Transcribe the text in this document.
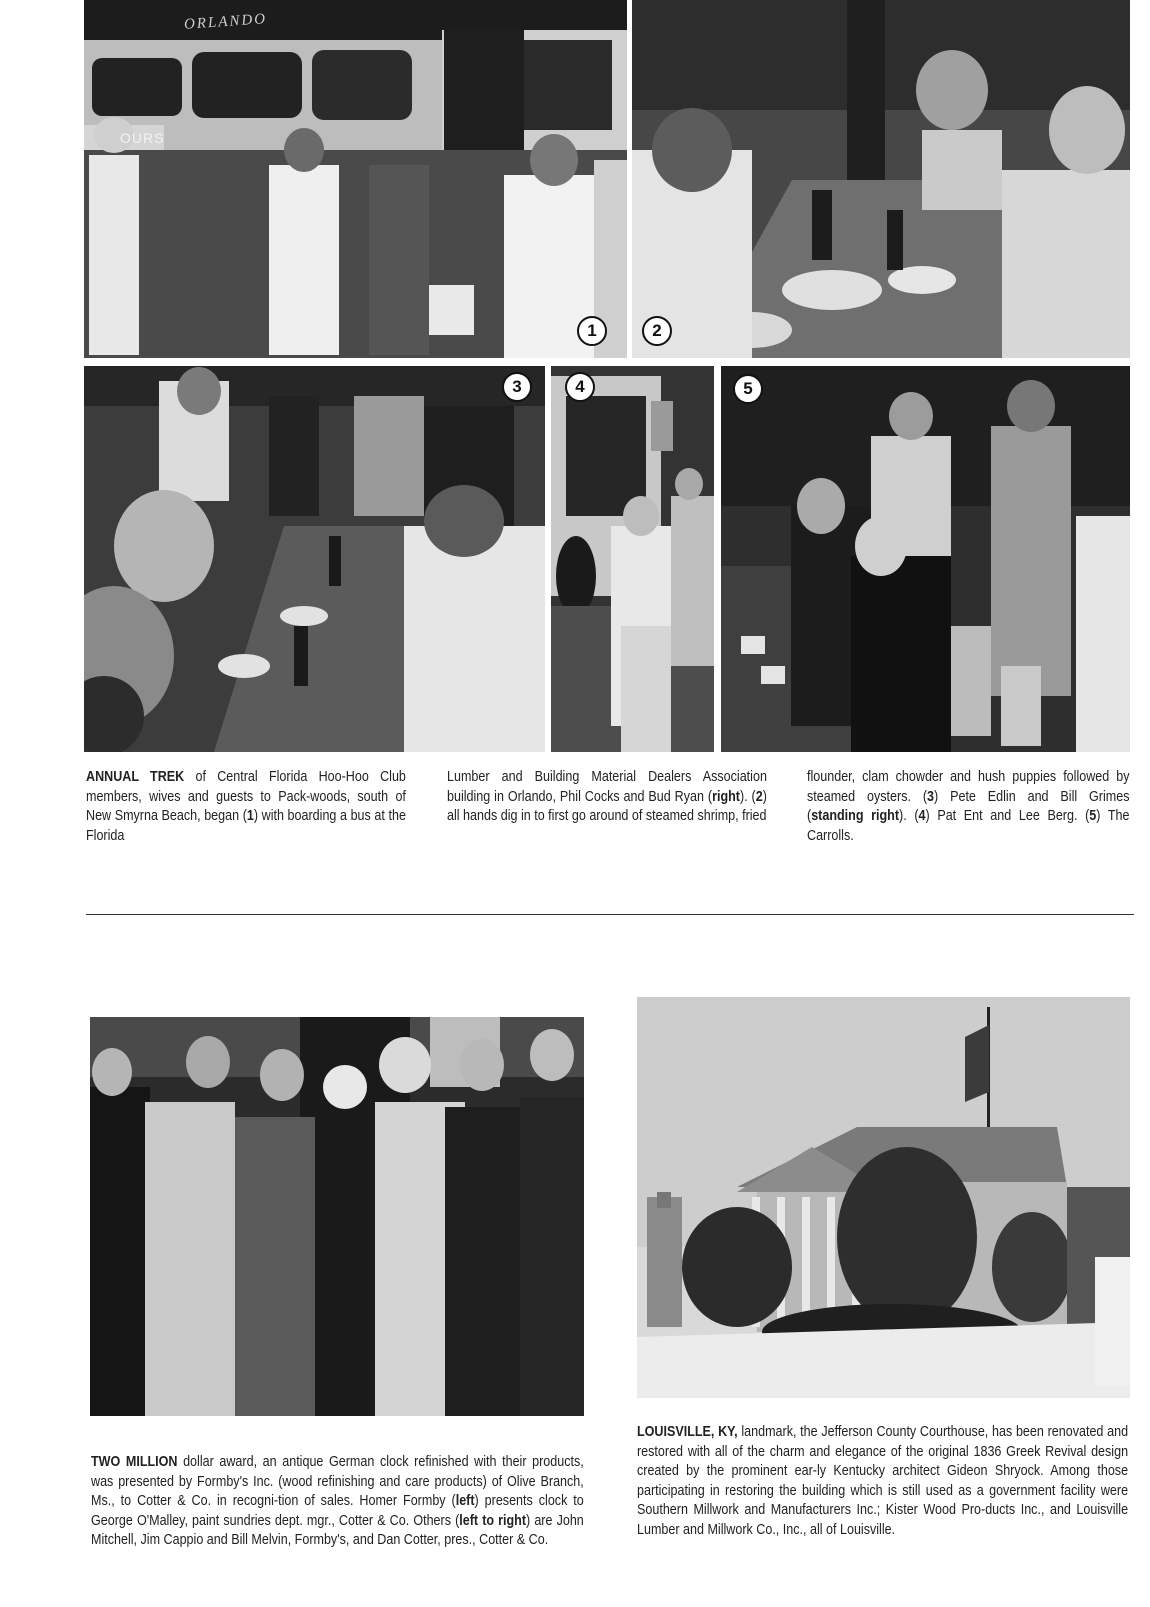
ORLANDO
OURS
1	2
3	4	5
ANNUAL TREK of Central Florida Hoo-Hoo Club members, wives and guests to Pack-woods, south of New Smyrna Beach, began (1) with boarding a bus at the Florida
Lumber and Building Material Dealers Association building in Orlando, Phil Cocks and Bud Ryan (right). (2) all hands dig in to first go around of steamed shrimp, fried
flounder, clam chowder and hush puppies followed by steamed oysters. (3) Pete Edlin and Bill Grimes (standing right). (4) Pat Ent and Lee Berg. (5) The Carrolls.
TWO MILLION dollar award, an antique German clock refinished with their products, was presented by Formby's Inc. (wood refinishing and care products) of Olive Branch, Ms., to Cotter & Co. in recogni-tion of sales. Homer Formby (left) presents clock to George O'Malley, paint sundries dept. mgr., Cotter & Co. Others (left to right) are John Mitchell, Jim Cappio and Bill Melvin, Formby's, and Dan Cotter, pres., Cotter & Co.
LOUISVILLE, KY, landmark, the Jefferson County Courthouse, has been renovated and restored with all of the charm and elegance of the original 1836 Greek Revival design created by the prominent ear-ly Kentucky architect Gideon Shryock. Among those participating in restoring the building which is still used as a government facility were Southern Millwork and Manufacturers Inc.; Kister Wood Pro-ducts Inc., and Louisville Lumber and Millwork Co., Inc., all of Louisville.
